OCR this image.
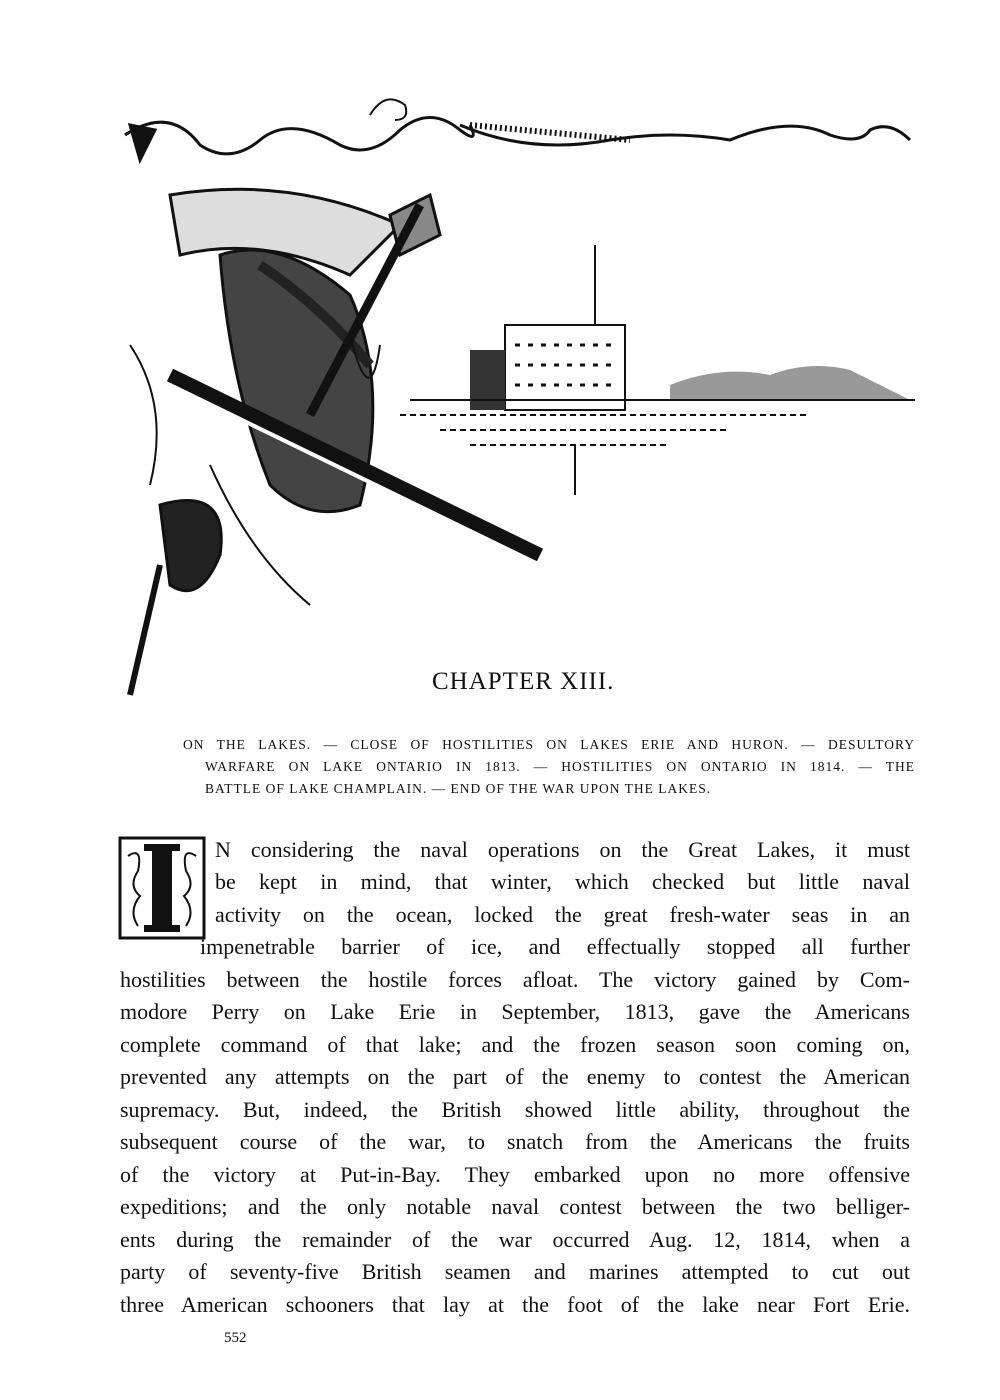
CHAPTER XIII.
ON THE LAKES. — CLOSE OF HOSTILITIES ON LAKES ERIE AND HURON. — DESULTORY
WARFARE ON LAKE ONTARIO IN 1813. — HOSTILITIES ON ONTARIO IN 1814. — THE
BATTLE OF LAKE CHAMPLAIN. — END OF THE WAR UPON THE LAKES.
I
N considering the naval operations on the Great Lakes, it must
be kept in mind, that winter, which checked but little naval
activity on the ocean, locked the great fresh-water seas in an
impenetrable barrier of ice, and effectually stopped all further
hostilities between the hostile forces afloat. The victory gained by Com-
modore Perry on Lake Erie in September, 1813, gave the Americans
complete command of that lake; and the frozen season soon coming on,
prevented any attempts on the part of the enemy to contest the American
supremacy. But, indeed, the British showed little ability, throughout the
subsequent course of the war, to snatch from the Americans the fruits
of the victory at Put-in-Bay. They embarked upon no more offensive
expeditions; and the only notable naval contest between the two belliger-
ents during the remainder of the war occurred Aug. 12, 1814, when a
party of seventy-five British seamen and marines attempted to cut out
three American schooners that lay at the foot of the lake near Fort Erie.
552
